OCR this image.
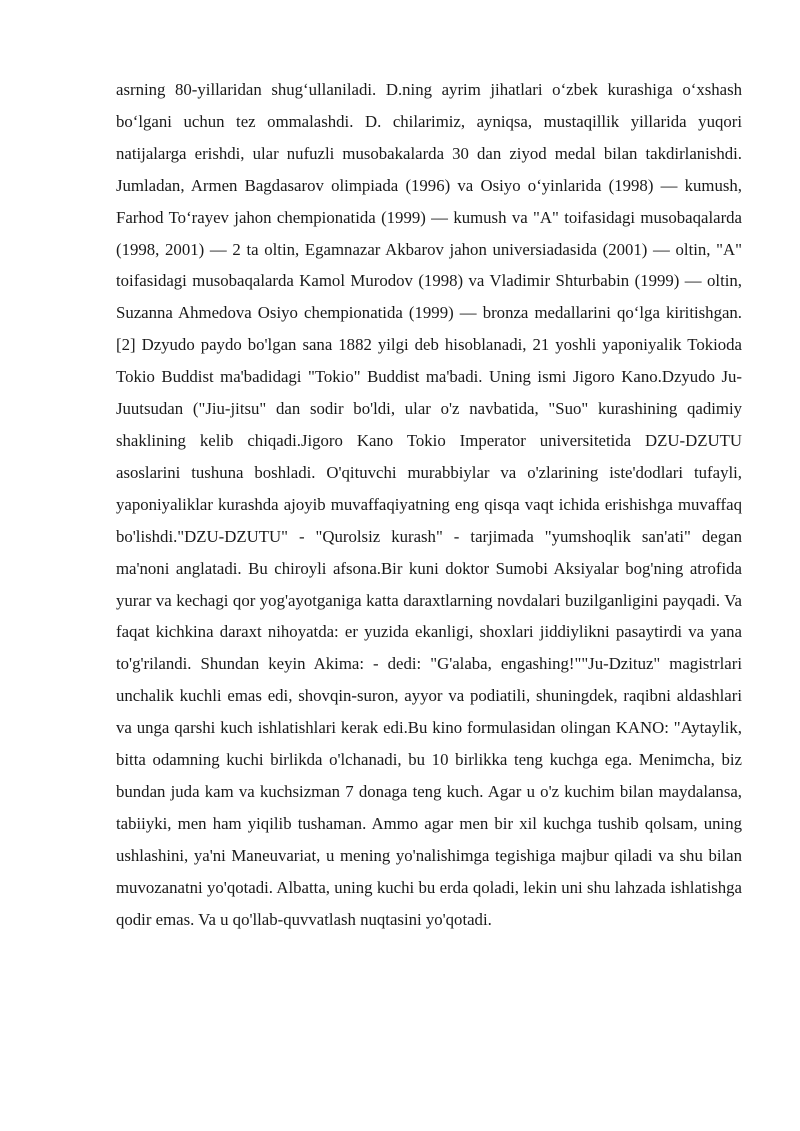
asrning 80-yillaridan shug‘ullaniladi. D.ning ayrim jihatlari o‘zbek kurashiga o‘xshash bo‘lgani uchun tez ommalashdi. D. chilarimiz, ayniqsa, mustaqillik yillarida yuqori natijalarga erishdi, ular nufuzli musobakalarda 30 dan ziyod medal bilan takdirlanishdi. Jumladan, Armen Bagdasarov olimpiada (1996) va Osiyo o‘yinlarida (1998) — kumush, Farhod To‘rayev jahon chempionatida (1999) — kumush va "A" toifasidagi musobaqalarda (1998, 2001) — 2 ta oltin, Egamnazar Akbarov jahon universiadasida (2001) — oltin, "A" toifasidagi musobaqalarda Kamol Murodov (1998) va Vladimir Shturbabin (1999) — oltin, Suzanna Ahmedova Osiyo chempionatida (1999) — bronza medallarini qo‘lga kiritishgan.[2] Dzyudo paydo bo'lgan sana 1882 yilgi deb hisoblanadi, 21 yoshli yaponiyalik Tokioda Tokio Buddist ma'badidagi "Tokio" Buddist ma'badi. Uning ismi Jigoro Kano.Dzyudo Ju-Juutsudan ("Jiu-jitsu" dan sodir bo'ldi, ular o'z navbatida, "Suo" kurashining qadimiy shaklining kelib chiqadi.Jigoro Kano Tokio Imperator universitetida DZU-DZUTU asoslarini tushuna boshladi. O'qituvchi murabbiylar va o'zlarining iste'dodlari tufayli, yaponiyaliklar kurashda ajoyib muvaffaqiyatning eng qisqa vaqt ichida erishishga muvaffaq bo'lishdi."DZU-DZUTU" - "Qurolsiz kurash" - tarjimada "yumshoqlik san'ati" degan ma'noni anglatadi. Bu chiroyli afsona.Bir kuni doktor Sumobi Aksiyalar bog'ning atrofida yurar va kechagi qor yog'ayotganiga katta daraxtlarning novdalari buzilganligini payqadi. Va faqat kichkina daraxt nihoyatda: er yuzida ekanligi, shoxlari jiddiylikni pasaytirdi va yana to'g'rilandi. Shundan keyin Akima: - dedi: "G'alaba, engashing!""Ju-Dzituz" magistrlari unchalik kuchli emas edi, shovqin-suron, ayyor va podiatili, shuningdek, raqibni aldashlari va unga qarshi kuch ishlatishlari kerak edi.Bu kino formulasidan olingan KANO: "Aytaylik, bitta odamning kuchi birlikda o'lchanadi, bu 10 birlikka teng kuchga ega. Menimcha, biz bundan juda kam va kuchsizman 7 donaga teng kuch. Agar u o'z kuchim bilan maydalansa, tabiiyki, men ham yiqilib tushaman. Ammo agar men bir xil kuchga tushib qolsam, uning ushlashini, ya'ni Maneuvariat, u mening yo'nalishimga tegishiga majbur qiladi va shu bilan muvozanatni yo'qotadi. Albatta, uning kuchi bu erda qoladi, lekin uni shu lahzada ishlatishga qodir emas. Va u qo'llab-quvvatlash nuqtasini yo'qotadi.
